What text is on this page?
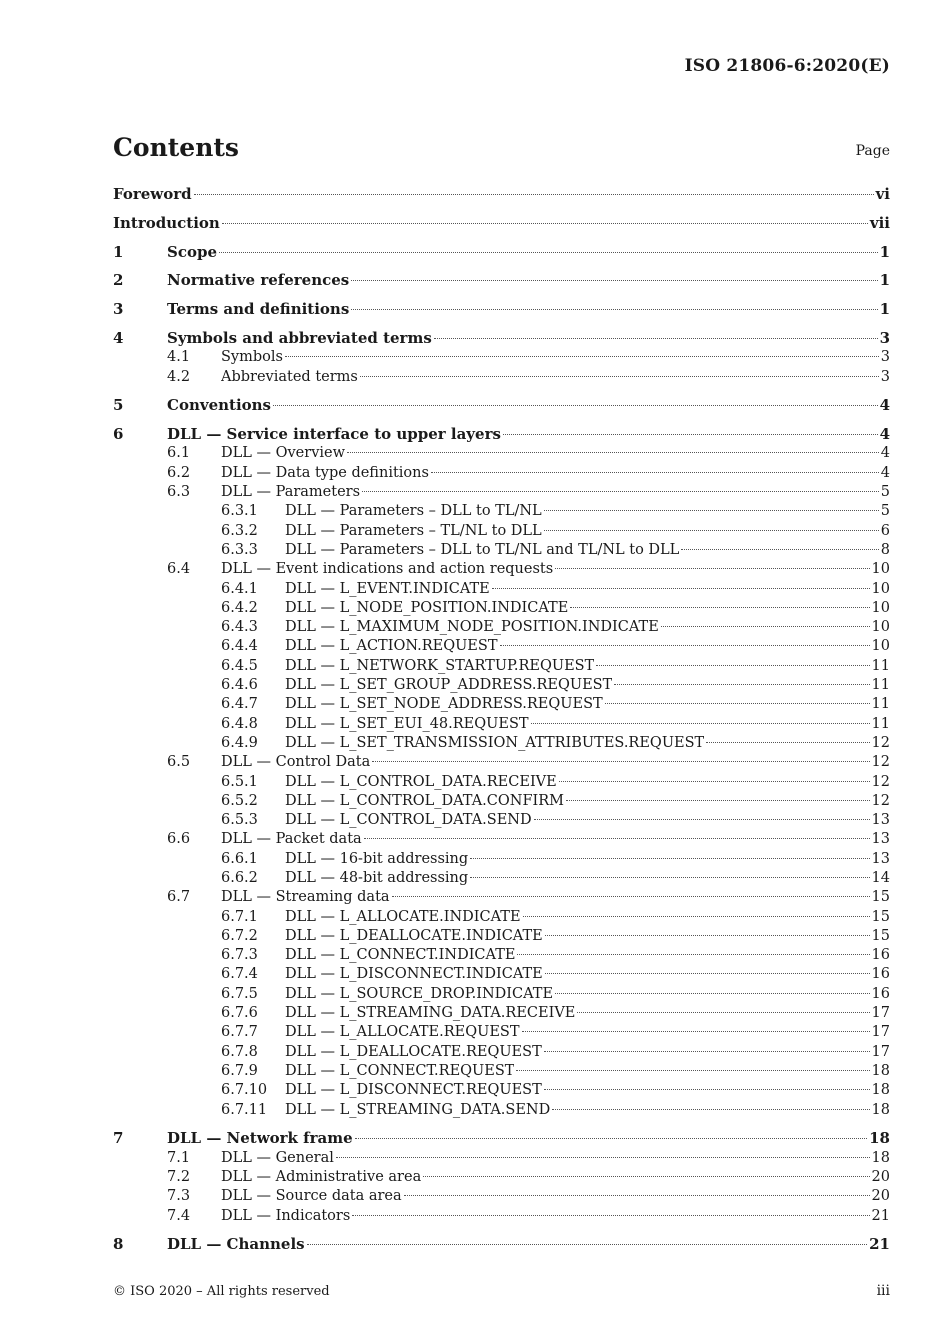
ISO 21806-6:2020(E)
Contents	Page
Foreword	vi
Introduction	vii
1	Scope	1
2	Normative references	1
3	Terms and definitions	1
4	Symbols and abbreviated terms	3
4.1	Symbols	3
4.2	Abbreviated terms	3
5	Conventions	4
6	DLL — Service interface to upper layers	4
6.1	DLL — Overview	4
6.2	DLL — Data type definitions	4
6.3	DLL — Parameters	5
6.3.1	DLL — Parameters – DLL to TL/NL	5
6.3.2	DLL — Parameters – TL/NL to DLL	6
6.3.3	DLL — Parameters – DLL to TL/NL and TL/NL to DLL	8
6.4	DLL — Event indications and action requests	10
6.4.1	DLL — L_EVENT.INDICATE	10
6.4.2	DLL — L_NODE_POSITION.INDICATE	10
6.4.3	DLL — L_MAXIMUM_NODE_POSITION.INDICATE	10
6.4.4	DLL — L_ACTION.REQUEST	10
6.4.5	DLL — L_NETWORK_STARTUP.REQUEST	11
6.4.6	DLL — L_SET_GROUP_ADDRESS.REQUEST	11
6.4.7	DLL — L_SET_NODE_ADDRESS.REQUEST	11
6.4.8	DLL — L_SET_EUI_48.REQUEST	11
6.4.9	DLL — L_SET_TRANSMISSION_ATTRIBUTES.REQUEST	12
6.5	DLL — Control Data	12
6.5.1	DLL — L_CONTROL_DATA.RECEIVE	12
6.5.2	DLL — L_CONTROL_DATA.CONFIRM	12
6.5.3	DLL — L_CONTROL_DATA.SEND	13
6.6	DLL — Packet data	13
6.6.1	DLL — 16-bit addressing	13
6.6.2	DLL — 48-bit addressing	14
6.7	DLL — Streaming data	15
6.7.1	DLL — L_ALLOCATE.INDICATE	15
6.7.2	DLL — L_DEALLOCATE.INDICATE	15
6.7.3	DLL — L_CONNECT.INDICATE	16
6.7.4	DLL — L_DISCONNECT.INDICATE	16
6.7.5	DLL — L_SOURCE_DROP.INDICATE	16
6.7.6	DLL — L_STREAMING_DATA.RECEIVE	17
6.7.7	DLL — L_ALLOCATE.REQUEST	17
6.7.8	DLL — L_DEALLOCATE.REQUEST	17
6.7.9	DLL — L_CONNECT.REQUEST	18
6.7.10	DLL — L_DISCONNECT.REQUEST	18
6.7.11	DLL — L_STREAMING_DATA.SEND	18
7	DLL — Network frame	18
7.1	DLL — General	18
7.2	DLL — Administrative area	20
7.3	DLL — Source data area	20
7.4	DLL — Indicators	21
8	DLL — Channels	21
© ISO 2020 – All rights reserved	iii
